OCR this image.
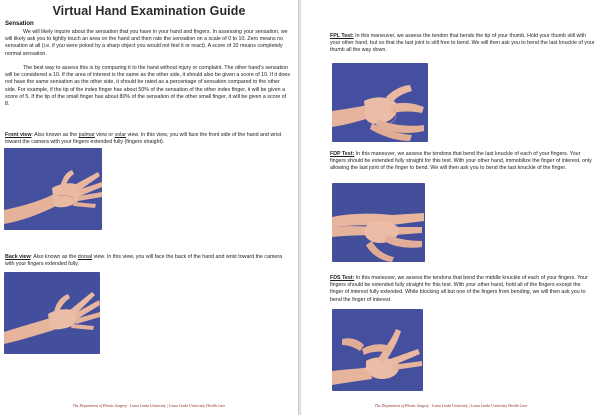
Virtual Hand Examination Guide
Sensation
We will likely inquire about the sensation that you have in your hand and fingers. In assessing your sensation, we will likely ask you to lightly touch an area on the hand and then rate the sensation on a scale of 0 to 10. Zero means no sensation at all (i.e. if you were poked by a sharp object you would not feel it or react). A score of 10 means completely normal sensation.
The best way to assess this is by comparing it to the hand without injury or complaint. The other hand's sensation will be considered a 10. If the area of interest is the same as the other side, it should also be given a score of 10. If it does not have the same sensation as the other side, it should be rated as a percentage of sensation compared to the other side. For example, if the tip of the index finger has about 50% of the sensation of the other index finger, it will be given a score of 5. If the tip of the small finger has about 80% of the sensation of the other small finger, it will be given a score of 8.
Front view: Also known as the palmar view or volar view. In this view, you will face the front side of the hand and wrist toward the camera with your fingers extended fully (fingers straight).
Back view: Also known as the dorsal view. In this view, you will face the back of the hand and wrist toward the camera with your fingers extended fully.
The Department of Plastic Surgery · Loma Linda University | Loma Linda University Health Care
FPL Test: In this maneuver, we assess the tendon that bends the tip of your thumb. Hold your thumb still with your other hand, but so that the last joint is still free to bend. We will then ask you to bend the last knuckle of your thumb all the way down.
FDP Test: In this maneuver, we assess the tendons that bend the last knuckle of each of your fingers. Your fingers should be extended fully straight for this test. With your other hand, immobilize the finger of interest, only allowing the last joint of the finger to bend. We will then ask you to bend the last knuckle of the finger.
FDS Test: In this maneuver, we assess the tendons that bend the middle knuckle of each of your fingers. Your fingers should be extended fully straight for this test. With your other hand, hold all of the fingers except the finger of interest fully extended. While blocking all but one of the fingers from bending, we will then ask you to bend the finger of interest.
The Department of Plastic Surgery · Loma Linda University | Loma Linda University Health Care
